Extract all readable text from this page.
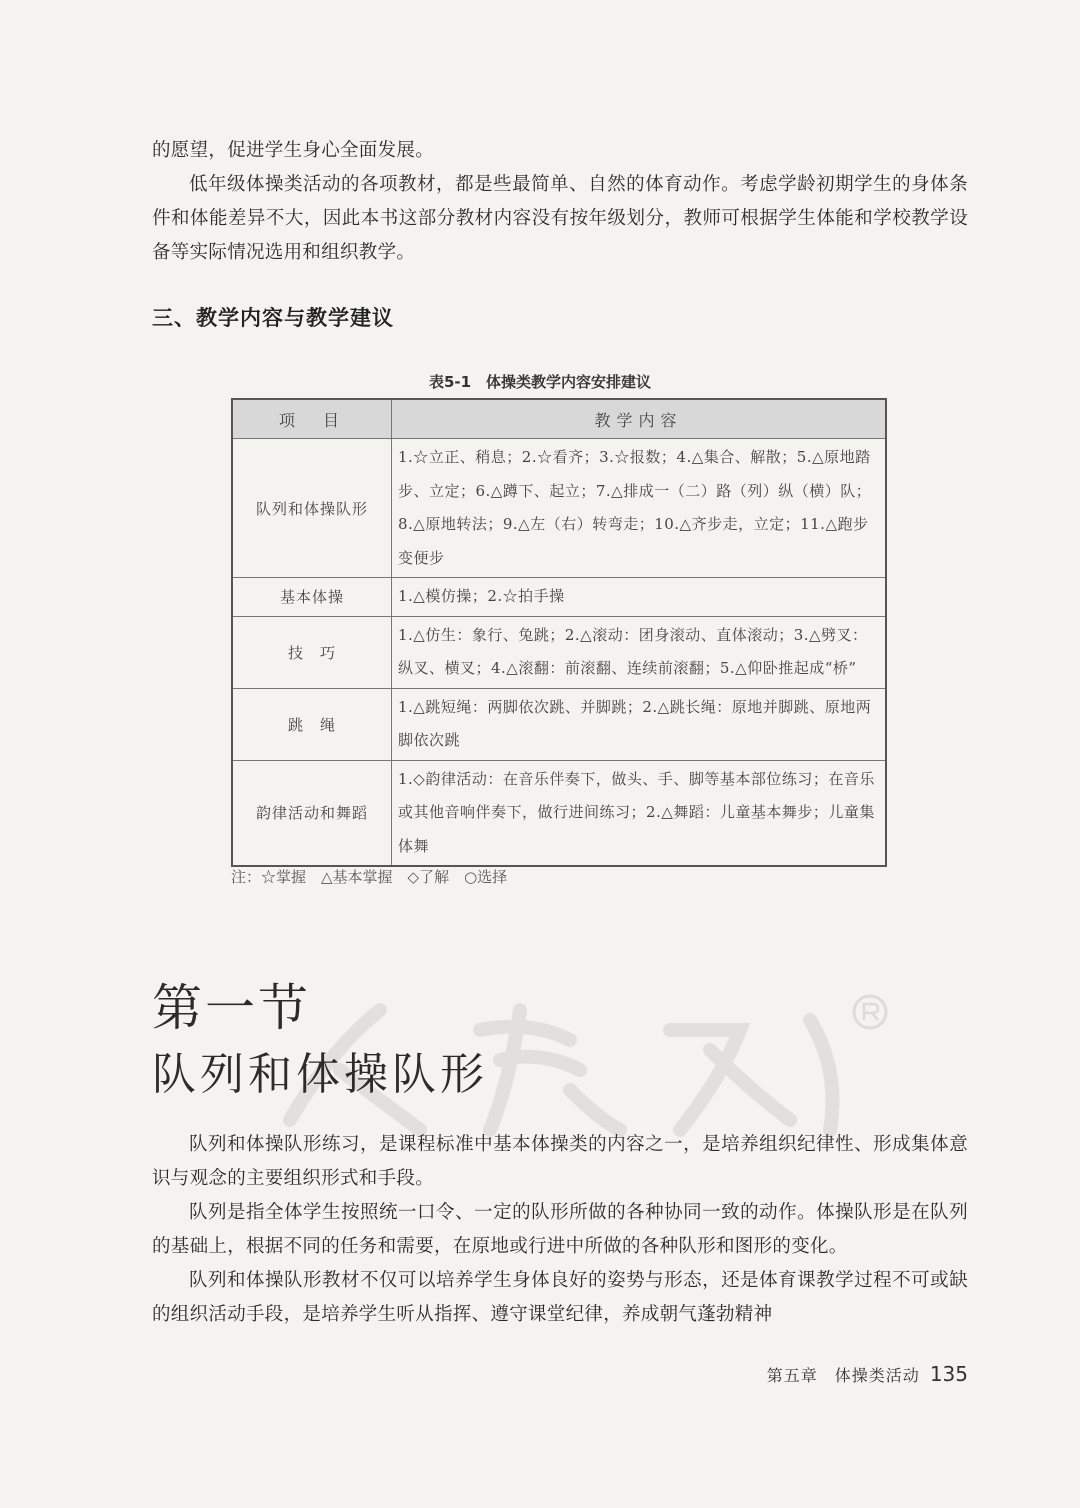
的愿望，促进学生身心全面发展。

低年级体操类活动的各项教材，都是些最简单、自然的体育动作。考虑学龄初期学生的身体条件和体能差异不大，因此本书这部分教材内容没有按年级划分，教师可根据学生体能和学校教学设备等实际情况选用和组织教学。

三、教学内容与教学建议
表5-1　体操类教学内容安排建议
项　目	教学内容
队列和体操队形	1.☆立正、稍息；2.☆看齐；3.☆报数；4.△集合、解散；5.△原地踏步、立定；6.△蹲下、起立；7.△排成一（二）路（列）纵（横）队；8.△原地转法；9.△左（右）转弯走；10.△齐步走，立定；11.△跑步变便步
基本体操	1.△模仿操；2.☆拍手操
技　巧	1.△仿生：象行、兔跳；2.△滚动：团身滚动、直体滚动；3.△劈叉：纵叉、横叉；4.△滚翻：前滚翻、连续前滚翻；5.△仰卧推起成“桥”
跳　绳	1.△跳短绳：两脚依次跳、并脚跳；2.△跳长绳：原地并脚跳、原地两脚依次跳
韵律活动和舞蹈	1.◇韵律活动：在音乐伴奏下，做头、手、脚等基本部位练习；在音乐或其他音响伴奏下，做行进间练习；2.△舞蹈：儿童基本舞步；儿童集体舞
注：☆掌握　△基本掌握　◇了解　○选择
第一节
队列和体操队形

队列和体操队形练习，是课程标准中基本体操类的内容之一，是培养组织纪律性、形成集体意识与观念的主要组织形式和手段。

队列是指全体学生按照统一口令、一定的队形所做的各种协同一致的动作。体操队形是在队列的基础上，根据不同的任务和需要，在原地或行进中所做的各种队形和图形的变化。

队列和体操队形教材不仅可以培养学生身体良好的姿势与形态，还是体育课教学过程不可或缺的组织活动手段，是培养学生听从指挥、遵守课堂纪律，养成朝气蓬勃精神

第五章　体操类活动 135
